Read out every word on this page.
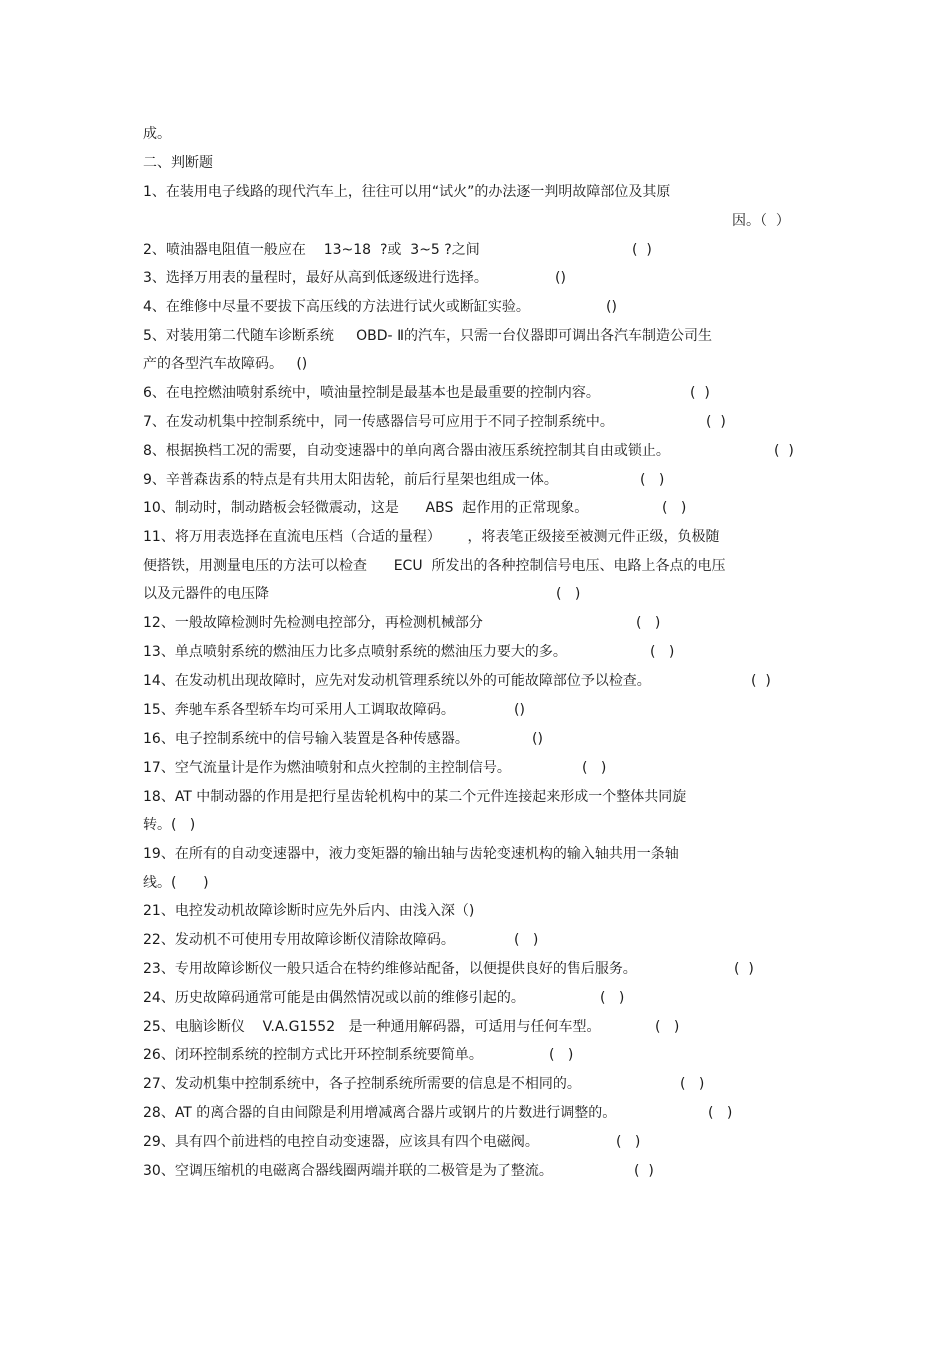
成。
二、判断题
1、在装用电子线路的现代汽车上，往往可以用“试火”的办法逐一判明故障部位及其原
因。（  ）
2、喷油器电阻值一般应在    13~18  ?或  3~5 ?之间	(  )
3、选择万用表的量程时，最好从高到低逐级进行选择。	()
4、在维修中尽量不要拔下高压线的方法进行试火或断缸实验。	()
5、对装用第二代随车诊断系统     OBD- Ⅱ的汽车，只需一台仪器即可调出各汽车制造公司生
产的各型汽车故障码。   ()
6、在电控燃油喷射系统中，喷油量控制是最基本也是最重要的控制内容。	(  )
7、在发动机集中控制系统中，同一传感器信号可应用于不同子控制系统中。	(  )
8、根据换档工况的需要，自动变速器中的单向离合器由液压系统控制其自由或锁止。	(  )
9、辛普森齿系的特点是有共用太阳齿轮，前后行星架也组成一体。	(   )
10、制动时，制动踏板会轻微震动，这是      ABS  起作用的正常现象。	(   )
11、将万用表选择在直流电压档（合适的量程）      ，将表笔正级接至被测元件正级，负极随
便搭铁，用测量电压的方法可以检查      ECU  所发出的各种控制信号电压、电路上各点的电压
以及元器件的电压降	(   )
12、一般故障检测时先检测电控部分，再检测机械部分	(   )
13、单点喷射系统的燃油压力比多点喷射系统的燃油压力要大的多。	(   )
14、在发动机出现故障时，应先对发动机管理系统以外的可能故障部位予以检查。	(  )
15、奔驰车系各型轿车均可采用人工调取故障码。	()
16、电子控制系统中的信号输入装置是各种传感器。	()
17、空气流量计是作为燃油喷射和点火控制的主控制信号。	(   )
18、AT 中制动器的作用是把行星齿轮机构中的某二个元件连接起来形成一个整体共同旋
转。(   )
19、在所有的自动变速器中，液力变矩器的输出轴与齿轮变速机构的输入轴共用一条轴
线。(      )
21、电控发动机故障诊断时应先外后内、由浅入深（)
22、发动机不可使用专用故障诊断仪清除故障码。	(   )
23、专用故障诊断仪一般只适合在特约维修站配备，以便提供良好的售后服务。	(  )
24、历史故障码通常可能是由偶然情况或以前的维修引起的。	(   )
25、电脑诊断仪    V.A.G1552   是一种通用解码器，可适用与任何车型。	(   )
26、闭环控制系统的控制方式比开环控制系统要简单。	(   )
27、发动机集中控制系统中，各子控制系统所需要的信息是不相同的。	(   )
28、AT 的离合器的自由间隙是利用增减离合器片或钢片的片数进行调整的。	(   )
29、具有四个前进档的电控自动变速器，应该具有四个电磁阀。	(   )
30、空调压缩机的电磁离合器线圈两端并联的二极管是为了整流。	(  )
